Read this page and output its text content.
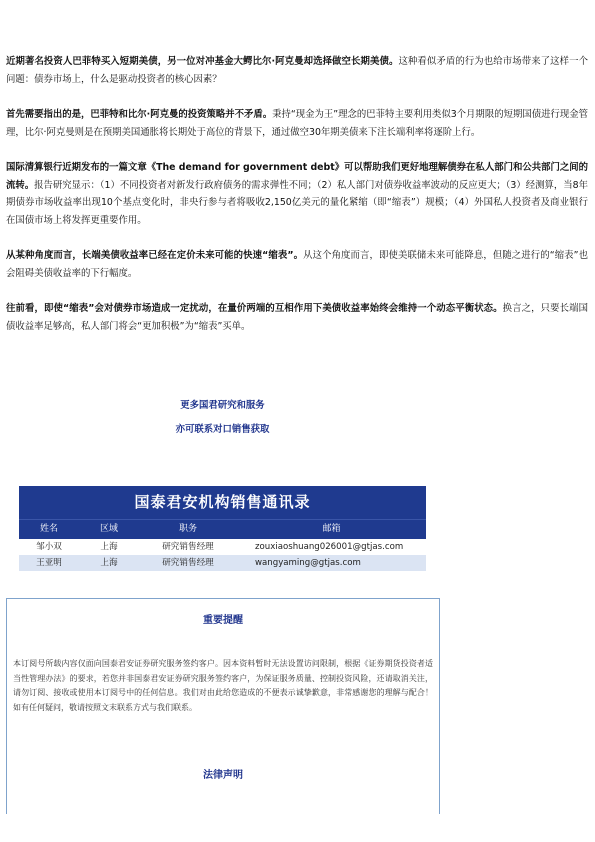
近期著名投资人巴菲特买入短期美债，另一位对冲基金大鳄比尔·阿克曼却选择做空长期美债。这种看似矛盾的行为也给市场带来了这样一个问题：债券市场上，什么是驱动投资者的核心因素？

首先需要指出的是，巴菲特和比尔·阿克曼的投资策略并不矛盾。秉持“现金为王”理念的巴菲特主要利用类似3个月期限的短期国债进行现金管理，比尔·阿克曼则是在预期美国通胀将长期处于高位的背景下，通过做空30年期美债来下注长端利率将逐阶上行。

国际清算银行近期发布的一篇文章《The demand for government debt》可以帮助我们更好地理解债券在私人部门和公共部门之间的流转。报告研究显示：（1）不同投资者对新发行政府债务的需求弹性不同；（2）私人部门对债券收益率波动的反应更大；（3）经测算，当8年期债券市场收益率出现10个基点变化时，非央行参与者将吸收2,150亿美元的量化紧缩（即“缩表”）规模；（4）外国私人投资者及商业银行在国债市场上将发挥更重要作用。

从某种角度而言，长端美债收益率已经在定价未来可能的快速“缩表”。从这个角度而言，即使美联储未来可能降息，但随之进行的“缩表”也会阻碍美债收益率的下行幅度。

往前看，即使“缩表”会对债券市场造成一定扰动，在量价两端的互相作用下美债收益率始终会维持一个动态平衡状态。换言之，只要长端国债收益率足够高，私人部门将会“更加积极”为“缩表”买单。

更多国君研究和服务
亦可联系对口销售获取
国泰君安机构销售通讯录
姓名	区域	职务	邮箱
邹小双	上海	研究销售经理	zouxiaoshuang026001@gtjas.com
王亚明	上海	研究销售经理	wangyaming@gtjas.com
重要提醒
本订阅号所载内容仅面向国泰君安证券研究服务签约客户。因本资料暂时无法设置访问限制，根据《证券期货投资者适当性管理办法》的要求，若您并非国泰君安证券研究服务签约客户，为保证服务质量、控制投资风险，还请取消关注，请勿订阅、接收或使用本订阅号中的任何信息。我们对由此给您造成的不便表示诚挚歉意，非常感谢您的理解与配合！如有任何疑问，敬请按照文末联系方式与我们联系。
法律声明
